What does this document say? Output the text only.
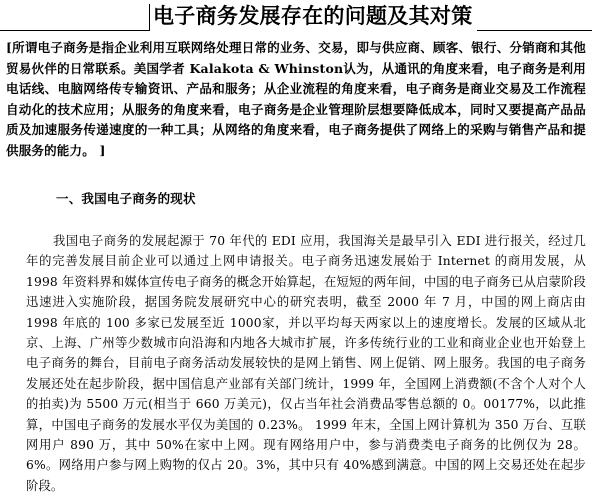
电子商务发展存在的问题及其对策
[所谓电子商务是指企业利用互联网络处理日常的业务、交易，即与供应商、顾客、银行、分销商和其他贸易伙伴的日常联系。美国学者 Kalakota & Whinston认为，从通讯的角度来看，电子商务是利用电话线、电脑网络传专输资讯、产品和服务；从企业流程的角度来看，电子商务是商业交易及工作流程自动化的技术应用；从服务的角度来看，电子商务是企业管理阶层想要降低成本，同时又要提高产品品质及加速服务传递速度的一种工具；从网络的角度来看，电子商务提供了网络上的采购与销售产品和提供服务的能力。 ]
一、我国电子商务的现状
我国电子商务的发展起源于 70 年代的 EDI 应用，我国海关是最早引入 EDI 进行报关，经过几年的完善发展目前企业可以通过上网申请报关。电子商务迅速发展始于 Internet 的商用发展，从 1998 年资料界和媒体宣传电子商务的概念开始算起，在短短的两年间，中国的电子商务已从启蒙阶段迅速进入实施阶段，据国务院发展研究中心的研究表明，截至 2000 年 7 月，中国的网上商店由 1998 年底的 100 多家已发展至近 1000家，并以平均每天两家以上的速度增长。发展的区域从北京、上海、广州等少数城市向沿海和内地各大城市扩展，许多传统行业的工业和商业企业也开始登上电子商务的舞台，目前电子商务活动发展较快的是网上销售、网上促销、网上服务。我国的电子商务发展还处在起步阶段，据中国信息产业部有关部门统计，1999 年，全国网上消费额(不含个人对个人的拍卖)为 5500 万元(相当于 660 万美元)，仅占当年社会消费品零售总额的 0。00177%，以此推算，中国电子商务的发展水平仅为美国的 0.23%。 1999 年末，全国上网计算机为 350 万台、互联网用户 890 万，其中 50%在家中上网。现有网络用户中，参与消费类电子商务的比例仅为 28。6%。网络用户参与网上购物的仅占 20。3%，其中只有 40%感到满意。中国的网上交易还处在起步阶段。
